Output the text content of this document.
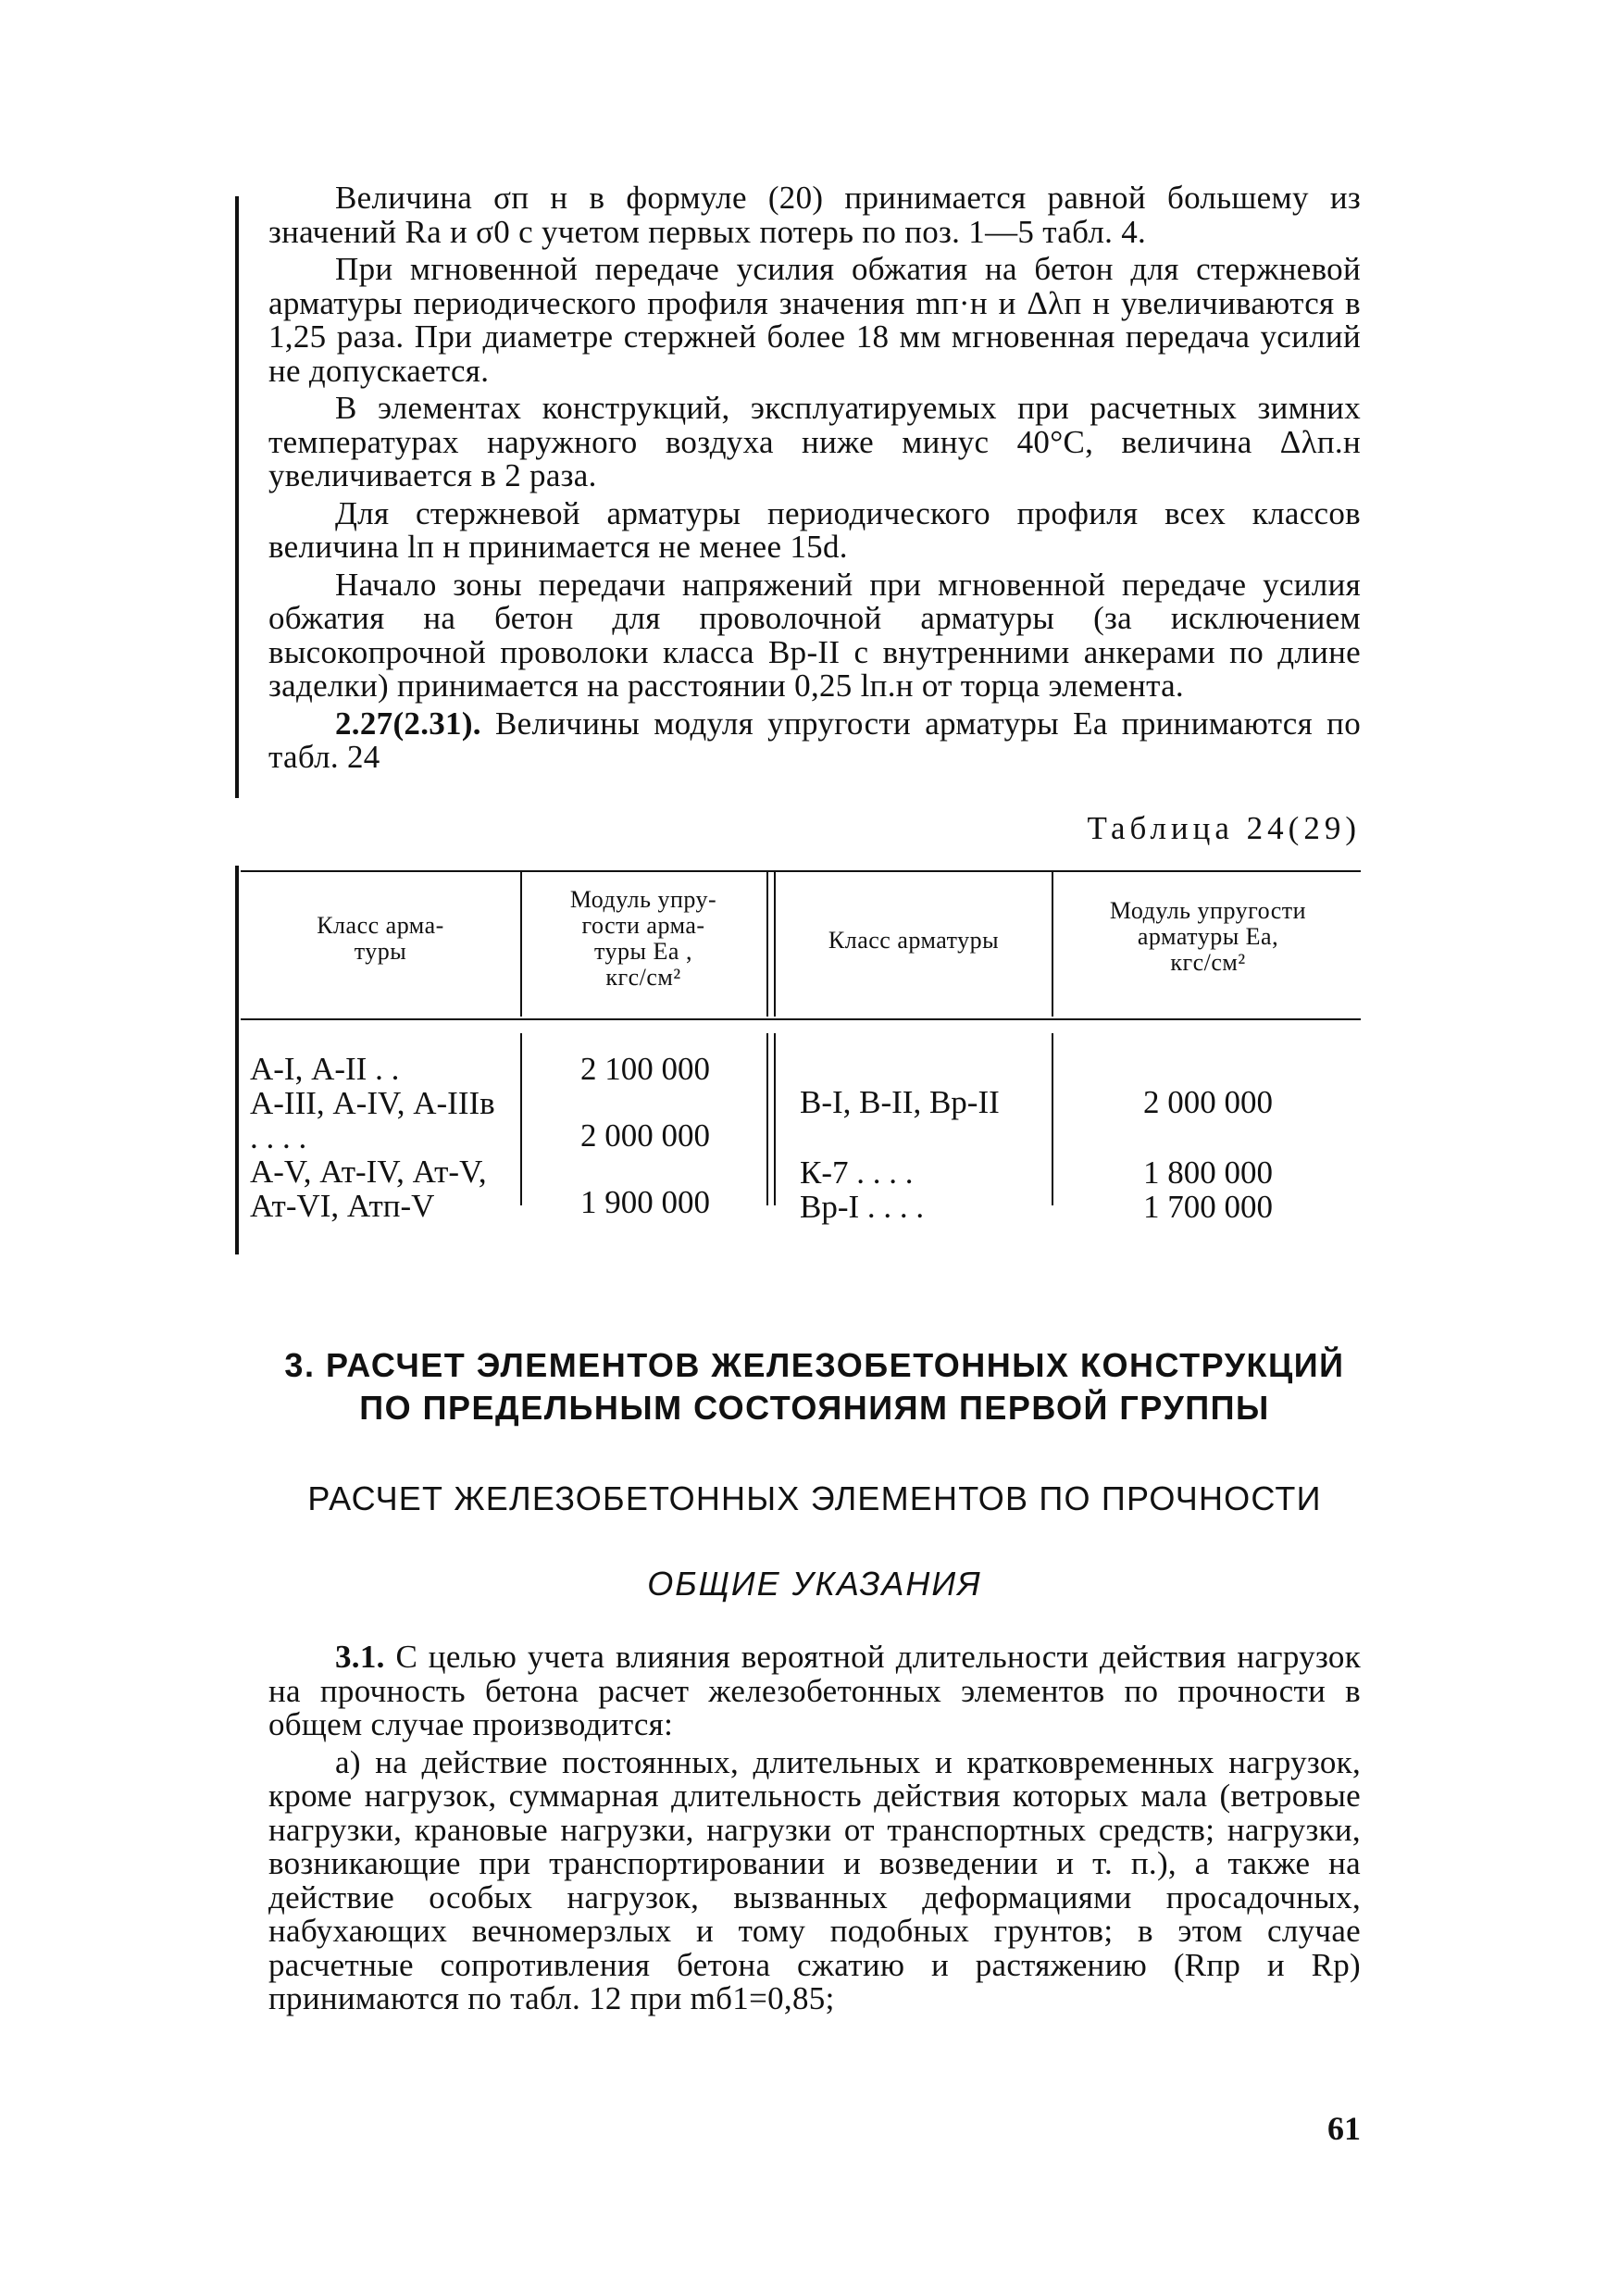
Величина σп н в формуле (20) принимается равной большему из значений Rа и σ0 с учетом первых потерь по поз. 1—5 табл. 4.

При мгновенной передаче усилия обжатия на бетон для стержневой арматуры периодического профиля значения mп·н и Δλп н увеличиваются в 1,25 раза. При диаметре стержней более 18 мм мгновенная передача усилий не допускается.

В элементах конструкций, эксплуатируемых при расчетных зимних температурах наружного воздуха ниже минус 40°С, величина Δλп.н увеличивается в 2 раза.

Для стержневой арматуры периодического профиля всех классов величина lп н принимается не менее 15d.

Начало зоны передачи напряжений при мгновенной передаче усилия обжатия на бетон для проволочной арматуры (за исключением высокопрочной проволоки класса Вр-II с внутренними анкерами по длине заделки) принимается на расстоянии 0,25 lп.н от торца элемента.

2.27(2.31). Величины модуля упругости арматуры Eа принимаются по табл. 24

Таблица 24(29)
Класс арма-
туры
Модуль упру-
гости арма-
туры Eа ,
кгс/см²
Класс арматуры
Модуль упругости
арматуры Eа,
кгс/см²
А-I, А-II . .
А-III, А-IV, А-IIIв . . . .
А-V, Ат-IV, Ат-V, Ат-VI, Атп-V
2 100 000
2 000 000
1 900 000
В-I, В-II, Вр-II
К-7 . . . .
Вр-I . . . .
2 000 000
1 800 000
1 700 000
3. РАСЧЕТ ЭЛЕМЕНТОВ ЖЕЛЕЗОБЕТОННЫХ КОНСТРУКЦИЙ
ПО ПРЕДЕЛЬНЫМ СОСТОЯНИЯМ ПЕРВОЙ ГРУППЫ
РАСЧЕТ ЖЕЛЕЗОБЕТОННЫХ ЭЛЕМЕНТОВ ПО ПРОЧНОСТИ
ОБЩИЕ УКАЗАНИЯ

3.1. С целью учета влияния вероятной длительности действия нагрузок на прочность бетона расчет железобетонных элементов по прочности в общем случае производится:

а) на действие постоянных, длительных и кратковременных нагрузок, кроме нагрузок, суммарная длительность действия которых мала (ветровые нагрузки, крановые нагрузки, нагрузки от транспортных средств; нагрузки, возникающие при транспортировании и возведении и т. п.), а также на действие особых нагрузок, вызванных деформациями просадочных, набухающих вечномерзлых и тому подобных грунтов; в этом случае расчетные сопротивления бетона сжатию и растяжению (Rпр и Rр) принимаются по табл. 12 при mб1=0,85;

61
